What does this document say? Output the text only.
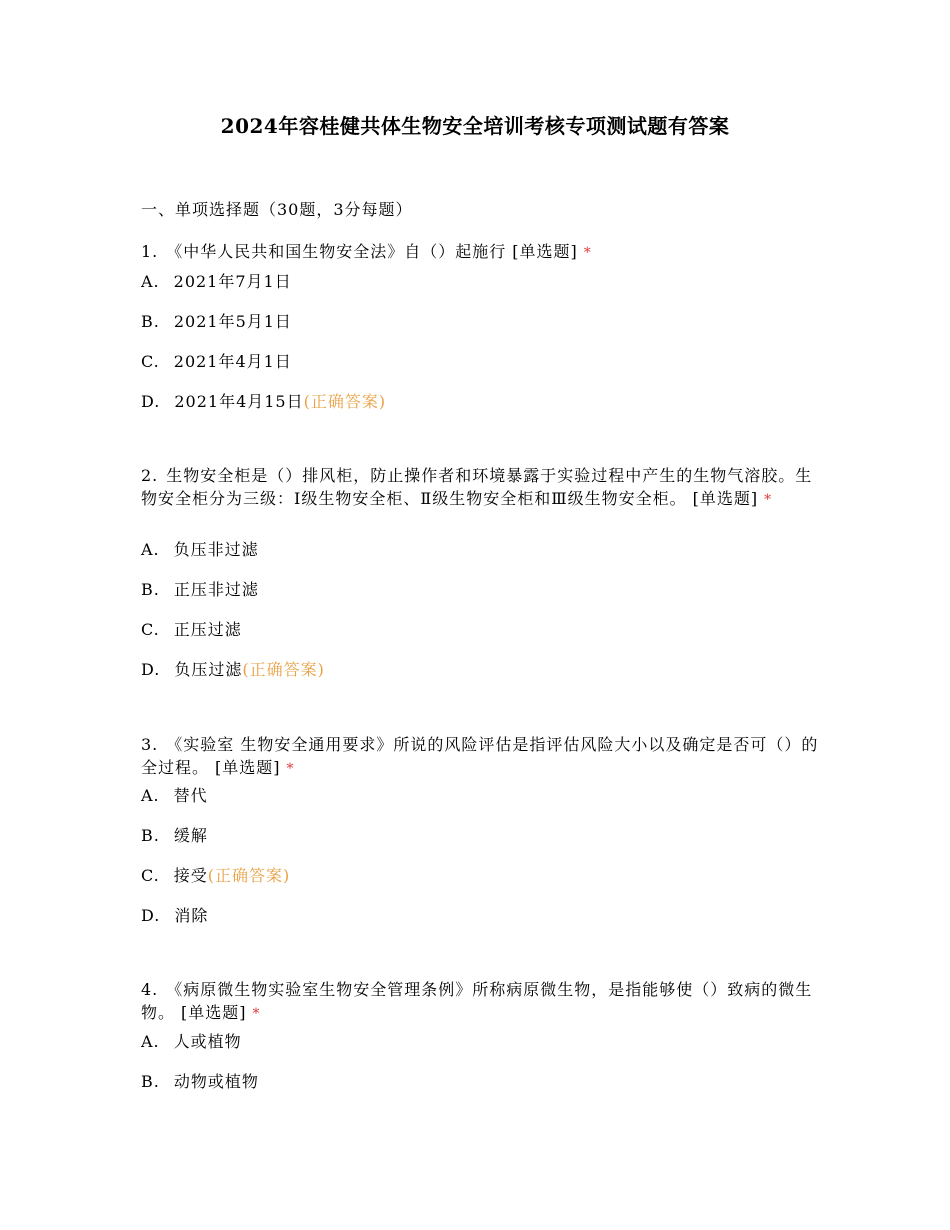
2024年容桂健共体生物安全培训考核专项测试题有答案
一、单项选择题（30题，3分每题）
1. 《中华人民共和国生物安全法》自（）起施行 [单选题] *
A. 2021年7月1日
B. 2021年5月1日
C. 2021年4月1日
D. 2021年4月15日(正确答案)
2. 生物安全柜是（）排风柜，防止操作者和环境暴露于实验过程中产生的生物气溶胶。生物安全柜分为三级：Ⅰ级生物安全柜、Ⅱ级生物安全柜和Ⅲ级生物安全柜。 [单选题] *
A. 负压非过滤
B. 正压非过滤
C. 正压过滤
D. 负压过滤(正确答案)
3. 《实验室 生物安全通用要求》所说的风险评估是指评估风险大小以及确定是否可（）的全过程。 [单选题] *
A. 替代
B. 缓解
C. 接受(正确答案)
D. 消除
4. 《病原微生物实验室生物安全管理条例》所称病原微生物，是指能够使（）致病的微生物。 [单选题] *
A. 人或植物
B. 动物或植物
